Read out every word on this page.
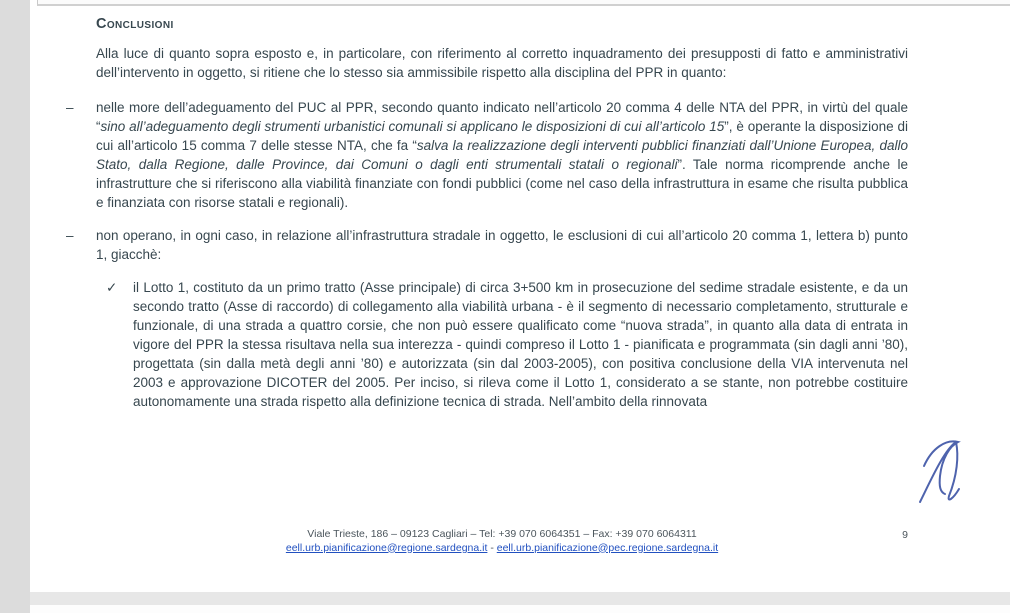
Conclusioni

Alla luce di quanto sopra esposto e, in particolare, con riferimento al corretto inquadramento dei presupposti di fatto e amministrativi dell’intervento in oggetto, si ritiene che lo stesso sia ammissibile rispetto alla disciplina del PPR in quanto:

– nelle more dell’adeguamento del PUC al PPR, secondo quanto indicato nell’articolo 20 comma 4 delle NTA del PPR, in virtù del quale “sino all’adeguamento degli strumenti urbanistici comunali si applicano le disposizioni di cui all’articolo 15”, è operante la disposizione di cui all’articolo 15 comma 7 delle stesse NTA, che fa “salva la realizzazione degli interventi pubblici finanziati dall’Unione Europea, dallo Stato, dalla Regione, dalle Province, dai Comuni o dagli enti strumentali statali o regionali”. Tale norma ricomprende anche le infrastrutture che si riferiscono alla viabilità finanziate con fondi pubblici (come nel caso della infrastruttura in esame che risulta pubblica e finanziata con risorse statali e regionali).
– non operano, in ogni caso, in relazione all’infrastruttura stradale in oggetto, le esclusioni di cui all’articolo 20 comma 1, lettera b) punto 1, giacchè:
✓ il Lotto 1, costituto da un primo tratto (Asse principale) di circa 3+500 km in prosecuzione del sedime stradale esistente, e da un secondo tratto (Asse di raccordo) di collegamento alla viabilità urbana - è il segmento di necessario completamento, strutturale e funzionale, di una strada a quattro corsie, che non può essere qualificato come “nuova strada”, in quanto alla data di entrata in vigore del PPR la stessa risultava nella sua interezza - quindi compreso il Lotto 1 - pianificata e programmata (sin dagli anni ’80), progettata (sin dalla metà degli anni ’80) e autorizzata (sin dal 2003-2005), con positiva conclusione della VIA intervenuta nel 2003 e approvazione DICOTER del 2005. Per inciso, si rileva come il Lotto 1, considerato a se stante, non potrebbe costituire autonomamente una strada rispetto alla definizione tecnica di strada. Nell’ambito della rinnovata
Viale Trieste, 186 – 09123 Cagliari – Tel: +39 070 6064351 – Fax: +39 070 6064311
eell.urb.pianificazione@regione.sardegna.it - eell.urb.pianificazione@pec.regione.sardegna.it
9
